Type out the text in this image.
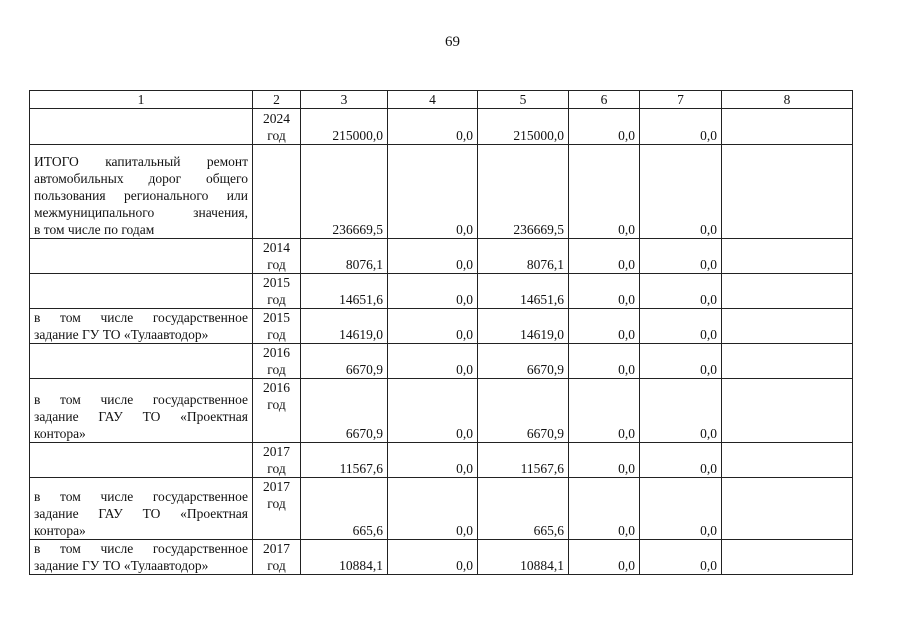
69
1	2	3	4	5	6	7	8

	2024
год	215000,0	0,0	215000,0	0,0	0,0	

ИТОГО капитальный ремонт
автомобильных дорог общего
пользования регионального или
межмуниципального значения,
в том числе по годам		236669,5	0,0	236669,5	0,0	0,0	

	2014
год	8076,1	0,0	8076,1	0,0	0,0	

	2015
год	14651,6	0,0	14651,6	0,0	0,0	

в том числе государственное
задание ГУ ТО «Тулаавтодор»	2015
год	14619,0	0,0	14619,0	0,0	0,0	

	2016
год	6670,9	0,0	6670,9	0,0	0,0	

в том числе государственное
задание ГАУ ТО «Проектная
контора»	2016
год	6670,9	0,0	6670,9	0,0	0,0	

	2017
год	11567,6	0,0	11567,6	0,0	0,0	

в том числе государственное
задание ГАУ ТО «Проектная
контора»	2017
год	665,6	0,0	665,6	0,0	0,0	

в том числе государственное
задание ГУ ТО «Тулаавтодор»	2017
год	10884,1	0,0	10884,1	0,0	0,0	
